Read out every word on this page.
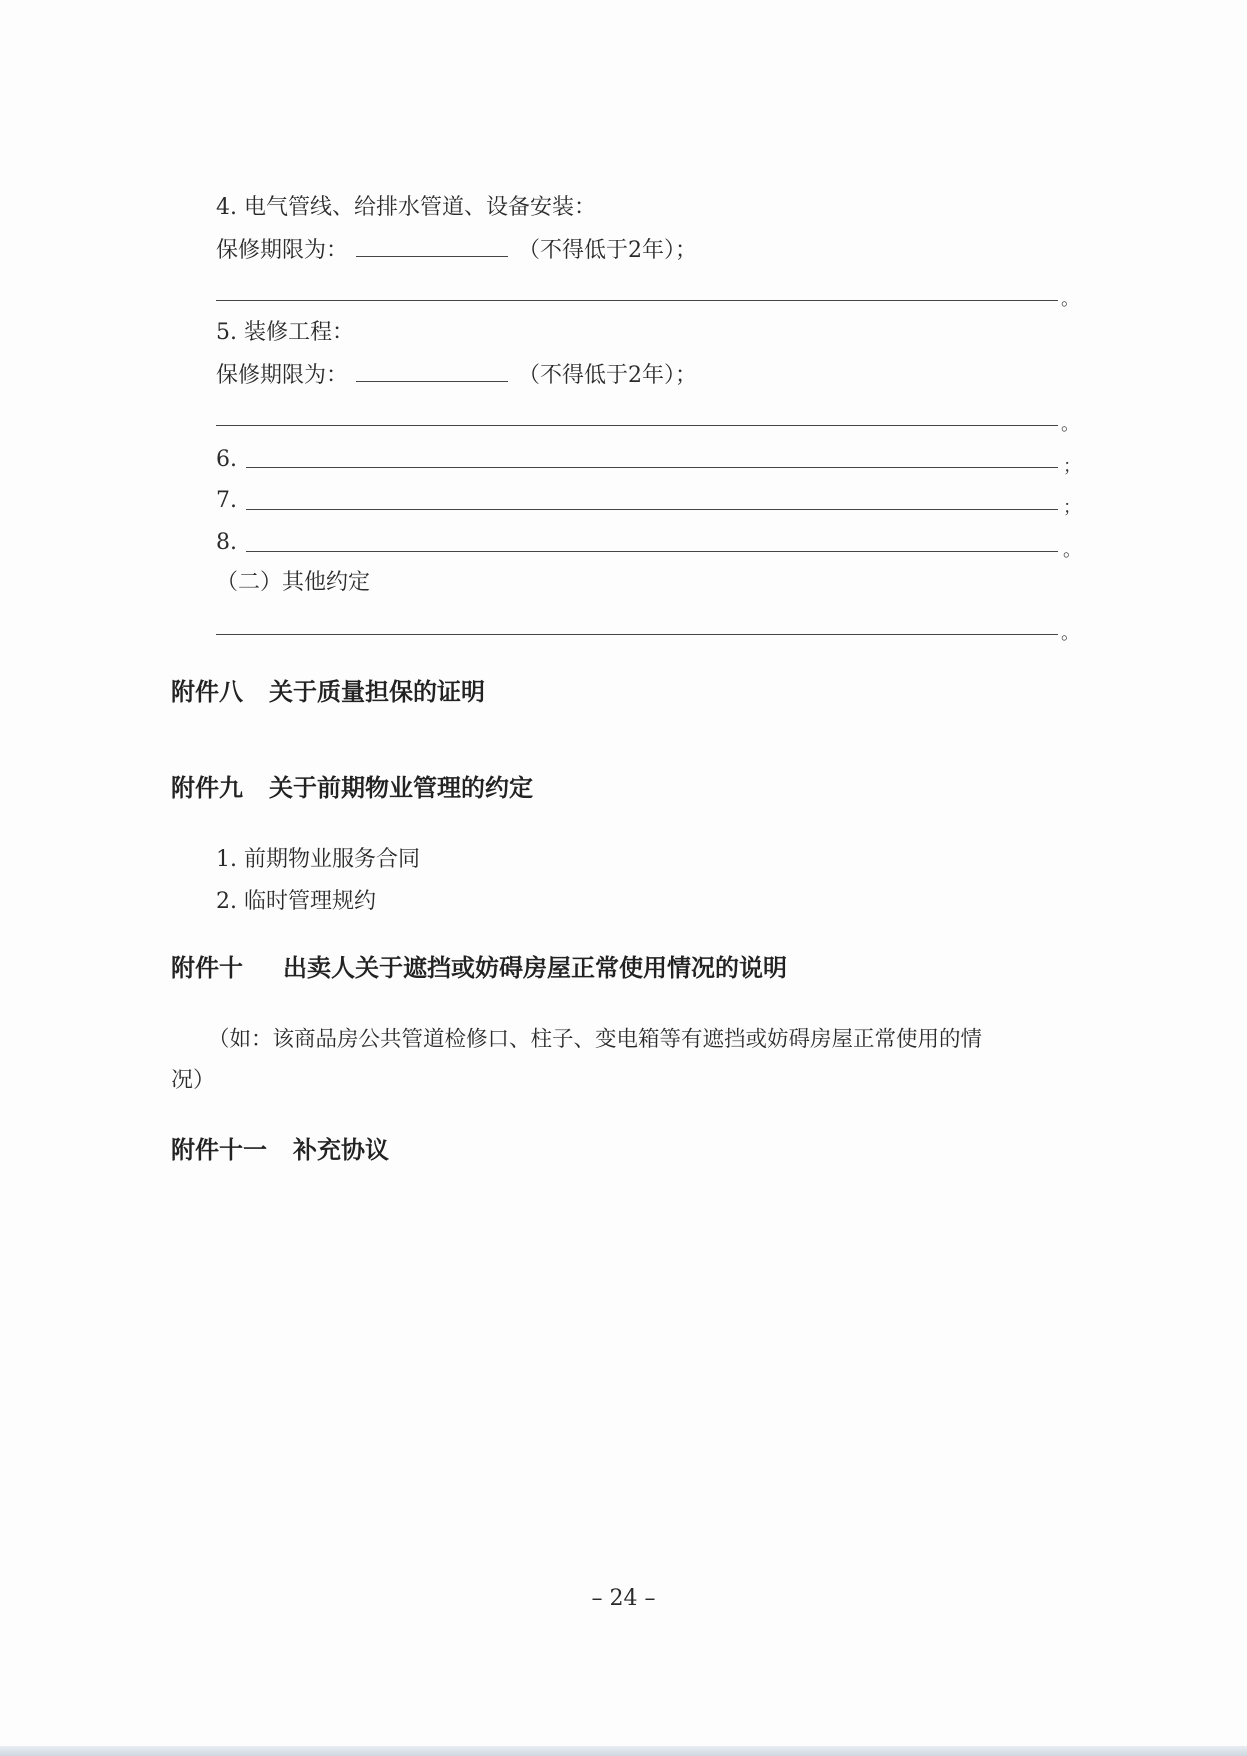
4. 电气管线、给排水管道、设备安装：
保修期限为：	（不得低于2年）；
。
5. 装修工程：
保修期限为：	（不得低于2年）；
。
6.	；
7.	；
8.	。
（二）其他约定
。
附件八 关于质量担保的证明
附件九 关于前期物业管理的约定
1. 前期物业服务合同
2. 临时管理规约
附件十 出卖人关于遮挡或妨碍房屋正常使用情况的说明
（如：该商品房公共管道检修口、柱子、变电箱等有遮挡或妨碍房屋正常使用的情
况）
附件十一 补充协议
– 24 –
